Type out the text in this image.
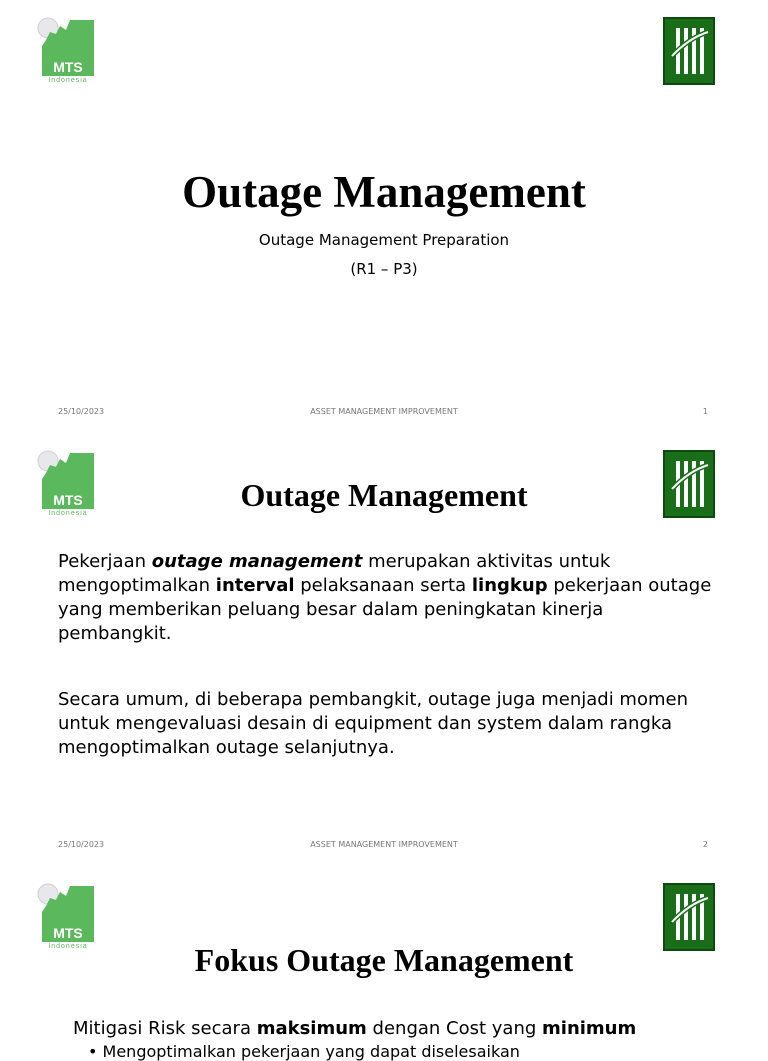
MTS
Indonesia
Outage Management
Outage Management Preparation
(R1 – P3)
25/10/2023	ASSET MANAGEMENT IMPROVEMENT	1
MTS
Indonesia
Outage Management
Pekerjaan outage management merupakan aktivitas untuk mengoptimalkan interval pelaksanaan serta lingkup pekerjaan outage yang memberikan peluang besar dalam peningkatan kinerja pembangkit.
Secara umum, di beberapa pembangkit, outage juga menjadi momen untuk mengevaluasi desain di equipment dan system dalam rangka mengoptimalkan outage selanjutnya.
25/10/2023	ASSET MANAGEMENT IMPROVEMENT	2
MTS
Indonesia	Fokus Outage Management
Mitigasi Risk secara maksimum dengan Cost yang minimum
• Mengoptimalkan pekerjaan yang dapat diselesaikan
